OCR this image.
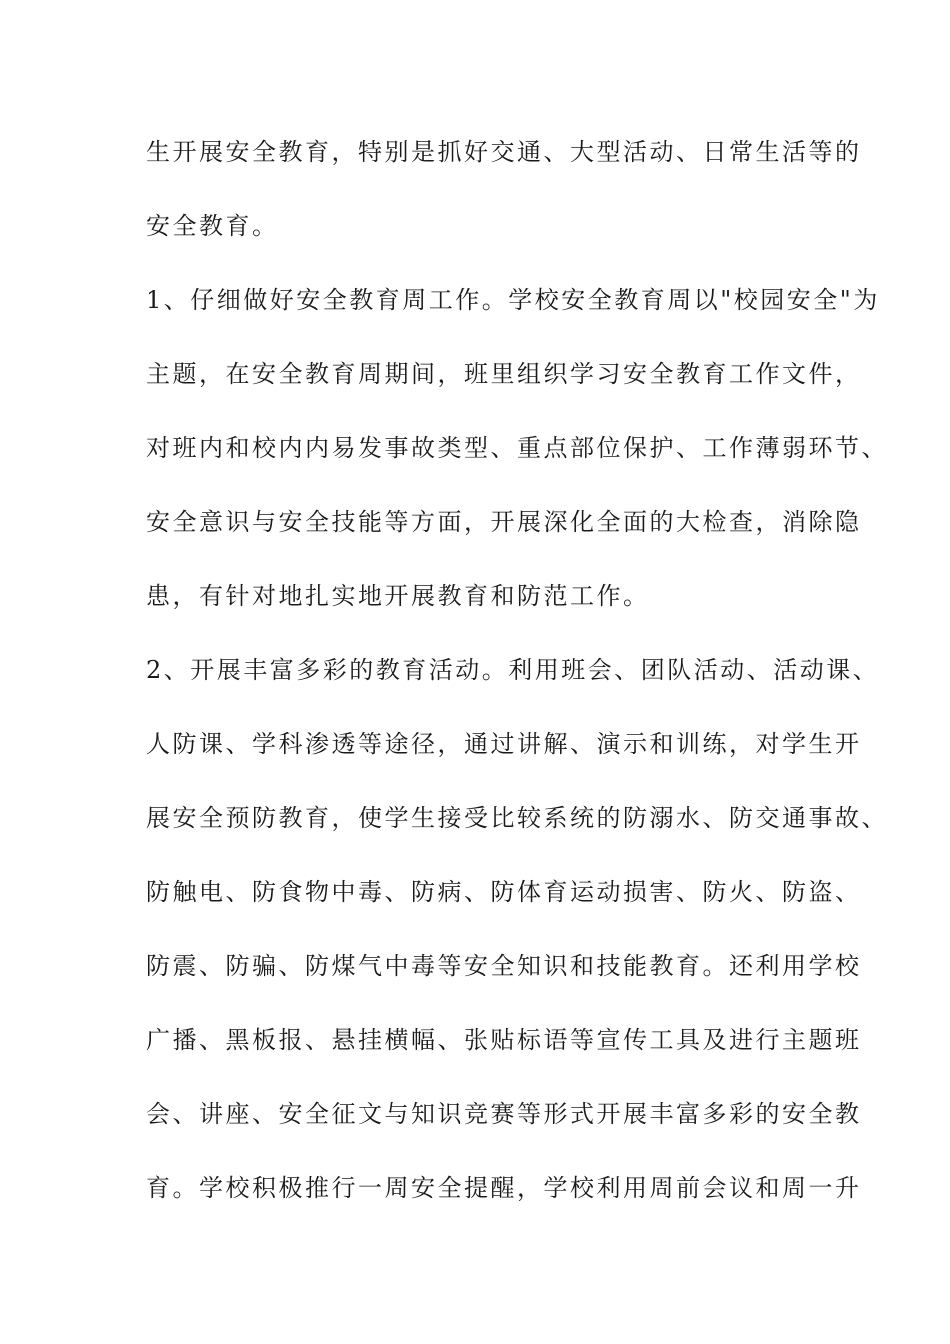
生开展安全教育，特别是抓好交通、大型活动、日常生活等的
安全教育。
1、仔细做好安全教育周工作。学校安全教育周以"校园安全"为
主题，在安全教育周期间，班里组织学习安全教育工作文件，
对班内和校内内易发事故类型、重点部位保护、工作薄弱环节、
安全意识与安全技能等方面，开展深化全面的大检查，消除隐
患，有针对地扎实地开展教育和防范工作。
2、开展丰富多彩的教育活动。利用班会、团队活动、活动课、
人防课、学科渗透等途径，通过讲解、演示和训练，对学生开
展安全预防教育，使学生接受比较系统的防溺水、防交通事故、
防触电、防食物中毒、防病、防体育运动损害、防火、防盗、
防震、防骗、防煤气中毒等安全知识和技能教育。还利用学校
广播、黑板报、悬挂横幅、张贴标语等宣传工具及进行主题班
会、讲座、安全征文与知识竞赛等形式开展丰富多彩的安全教
育。学校积极推行一周安全提醒，学校利用周前会议和周一升
